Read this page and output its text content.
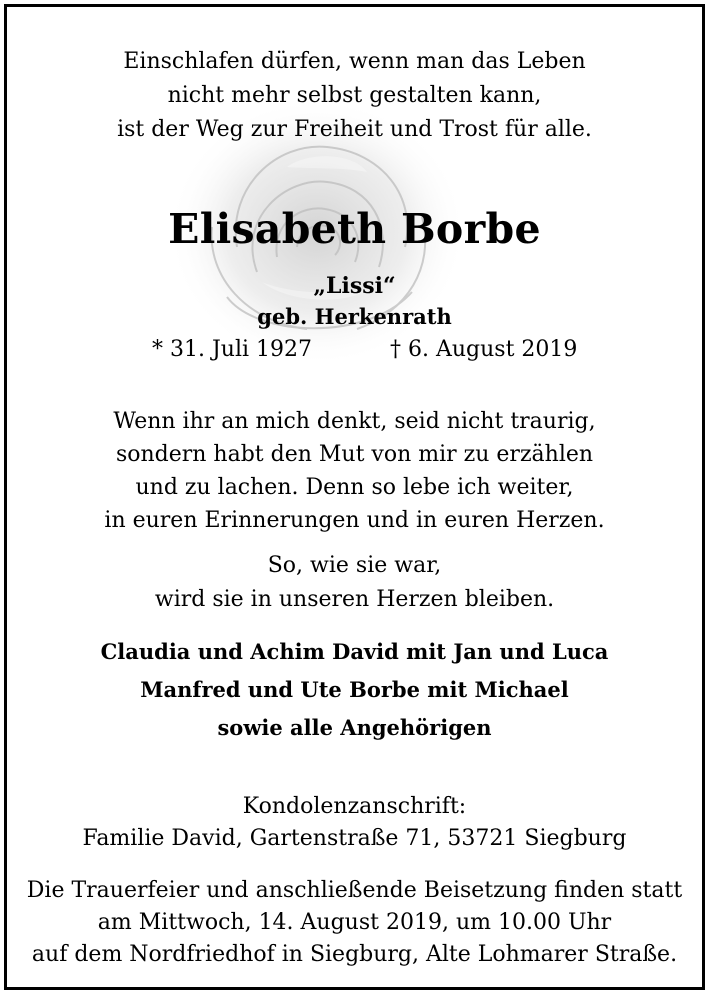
Einschlafen dürfen, wenn man das Leben
nicht mehr selbst gestalten kann,
ist der Weg zur Freiheit und Trost für alle.
Elisabeth Borbe
„Lissi“
geb. Herkenrath
* 31. Juli 1927	† 6. August 2019
Wenn ihr an mich denkt, seid nicht traurig,
sondern habt den Mut von mir zu erzählen
und zu lachen. Denn so lebe ich weiter,
in euren Erinnerungen und in euren Herzen.
So, wie sie war,
wird sie in unseren Herzen bleiben.
Claudia und Achim David mit Jan und Luca
Manfred und Ute Borbe mit Michael
sowie alle Angehörigen
Kondolenzanschrift:
Familie David, Gartenstraße 71, 53721 Siegburg
Die Trauerfeier und anschließende Beisetzung finden statt
am Mittwoch, 14. August 2019, um 10.00 Uhr
auf dem Nordfriedhof in Siegburg, Alte Lohmarer Straße.
